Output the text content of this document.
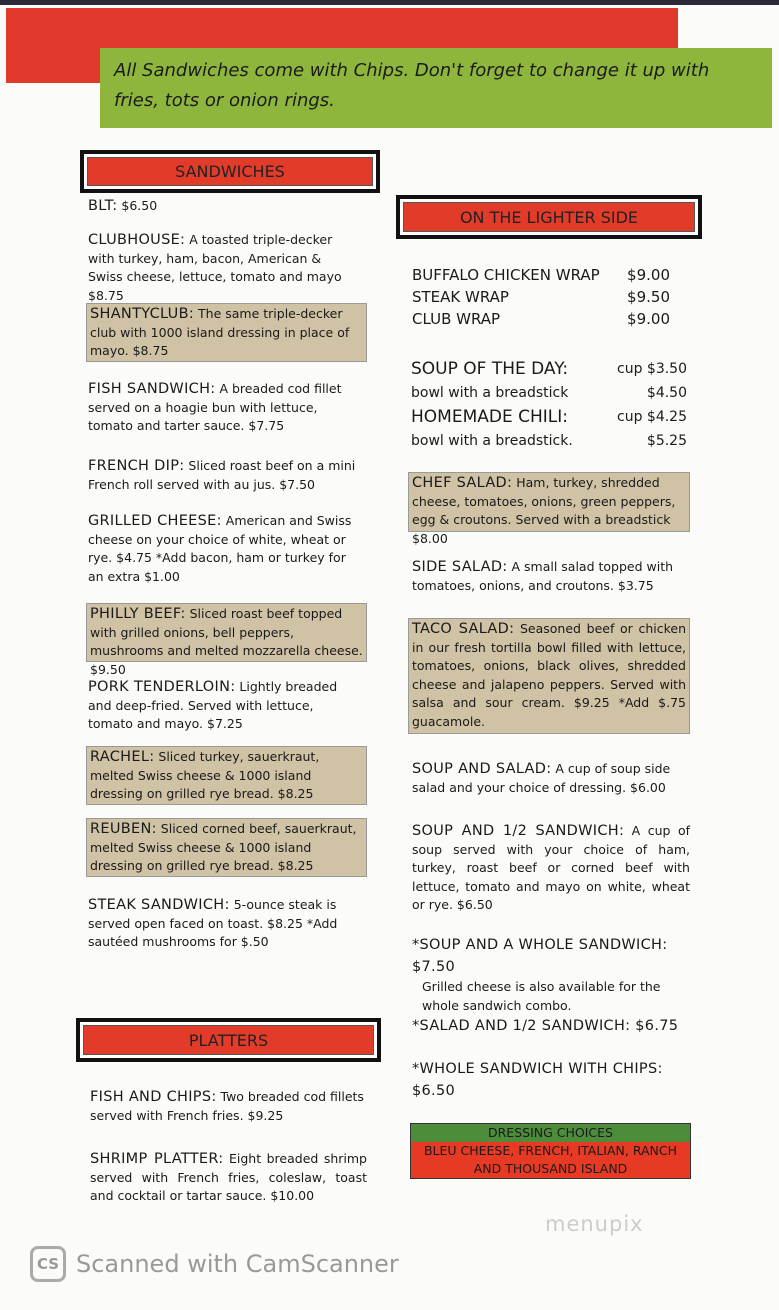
All Sandwiches come with Chips. Don't forget to change it up with fries, tots or onion rings.
SANDWICHES
BLT: $6.50
CLUBHOUSE: A toasted triple-decker with turkey, ham, bacon, American & Swiss cheese, lettuce, tomato and mayo $8.75
SHANTYCLUB: The same triple-decker club with 1000 island dressing in place of mayo. $8.75
FISH SANDWICH: A breaded cod fillet served on a hoagie bun with lettuce, tomato and tarter sauce. $7.75
FRENCH DIP: Sliced roast beef on a mini French roll served with au jus. $7.50
GRILLED CHEESE: American and Swiss cheese on your choice of white, wheat or rye. $4.75 *Add bacon, ham or turkey for an extra $1.00
PHILLY BEEF: Sliced roast beef topped with grilled onions, bell peppers, mushrooms and melted mozzarella cheese. $9.50
PORK TENDERLOIN: Lightly breaded and deep-fried. Served with lettuce, tomato and mayo. $7.25
RACHEL: Sliced turkey, sauerkraut, melted Swiss cheese & 1000 island dressing on grilled rye bread. $8.25
REUBEN: Sliced corned beef, sauerkraut, melted Swiss cheese & 1000 island dressing on grilled rye bread. $8.25
STEAK SANDWICH: 5-ounce steak is served open faced on toast. $8.25 *Add sautéed mushrooms for $.50
PLATTERS
FISH AND CHIPS: Two breaded cod fillets served with French fries. $9.25
SHRIMP PLATTER: Eight breaded shrimp served with French fries, coleslaw, toast and cocktail or tartar sauce. $10.00
ON THE LIGHTER SIDE
BUFFALO CHICKEN WRAP $9.00
STEAK WRAP	$9.50
CLUB WRAP	$9.00
SOUP OF THE DAY:	cup $3.50
bowl with a breadstick	$4.50
HOMEMADE CHILI:	cup $4.25
bowl with a breadstick.	$5.25
CHEF SALAD: Ham, turkey, shredded cheese, tomatoes, onions, green peppers, egg & croutons. Served with a breadstick $8.00
SIDE SALAD: A small salad topped with tomatoes, onions, and croutons. $3.75
TACO SALAD: Seasoned beef or chicken in our fresh tortilla bowl filled with lettuce, tomatoes, onions, black olives, shredded cheese and jalapeno peppers. Served with salsa and sour cream. $9.25 *Add $.75 guacamole.
SOUP AND SALAD: A cup of soup side salad and your choice of dressing. $6.00
SOUP AND 1/2 SANDWICH: A cup of soup served with your choice of ham, turkey, roast beef or corned beef with lettuce, tomato and mayo on white, wheat or rye. $6.50
*SOUP AND A WHOLE SANDWICH: $7.50
Grilled cheese is also available for the whole sandwich combo.
*SALAD AND 1/2 SANDWICH: $6.75
*WHOLE SANDWICH WITH CHIPS: $6.50
DRESSING CHOICES
BLEU CHEESE, FRENCH, ITALIAN, RANCH AND THOUSAND ISLAND
menupix
CS Scanned with CamScanner
